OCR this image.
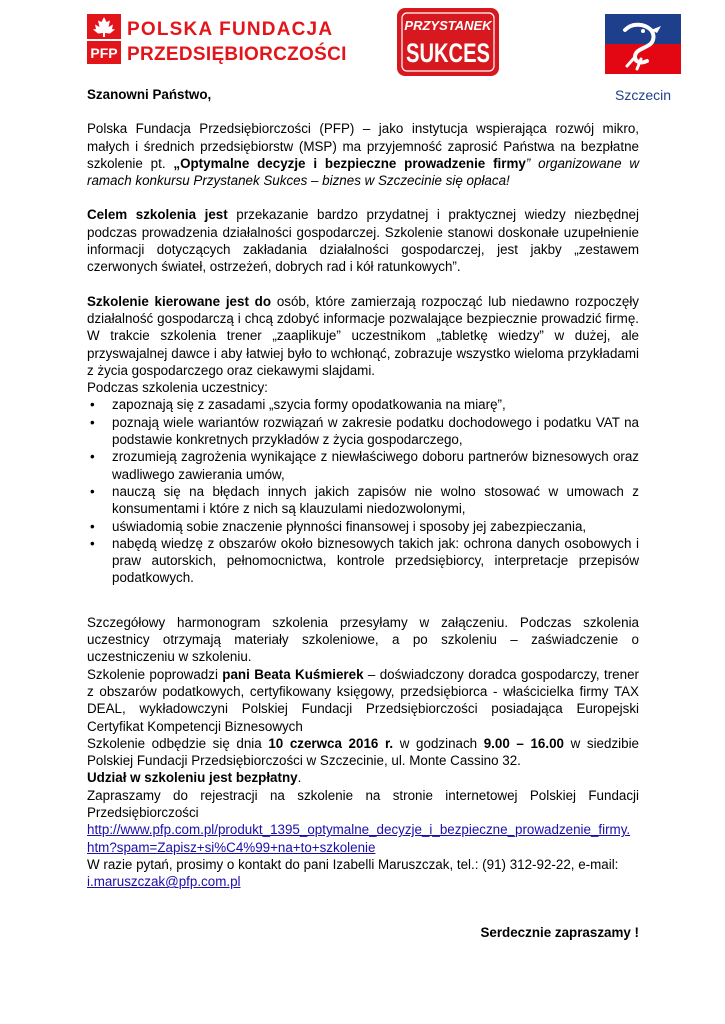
PFP
POLSKA FUNDACJA
PRZEDSIĘBIORCZOŚCI
PRZYSTANEK
SUKCES
Szczecin

Szanowni Państwo,

Polska Fundacja Przedsiębiorczości (PFP) – jako instytucja wspierająca rozwój mikro, małych i średnich przedsiębiorstw (MSP) ma przyjemność zaprosić Państwa na bezpłatne szkolenie pt. „Optymalne decyzje i bezpieczne prowadzenie firmy” organizowane w ramach konkursu Przystanek Sukces – biznes w Szczecinie się opłaca!

Celem szkolenia jest przekazanie bardzo przydatnej i praktycznej wiedzy niezbędnej podczas prowadzenia działalności gospodarczej. Szkolenie stanowi doskonałe uzupełnienie informacji dotyczących zakładania działalności gospodarczej, jest jakby „zestawem czerwonych świateł, ostrzeżeń, dobrych rad i kół ratunkowych”.

Szkolenie kierowane jest do osób, które zamierzają rozpocząć lub niedawno rozpoczęły działalność gospodarczą i chcą zdobyć informacje pozwalające bezpiecznie prowadzić firmę. W trakcie szkolenia trener „zaaplikuje” uczestnikom „tabletkę wiedzy” w dużej, ale przyswajalnej dawce i aby łatwiej było to wchłonąć, zobrazuje wszystko wieloma przykładami z życia gospodarczego oraz ciekawymi slajdami.

Podczas szkolenia uczestnicy:

• zapoznają się z zasadami „szycia formy opodatkowania na miarę”,
• poznają wiele wariantów rozwiązań w zakresie podatku dochodowego i podatku VAT na podstawie konkretnych przykładów z życia gospodarczego,
• zrozumieją zagrożenia wynikające z niewłaściwego doboru partnerów biznesowych oraz wadliwego zawierania umów,
• nauczą się na błędach innych jakich zapisów nie wolno stosować w umowach z konsumentami i które z nich są klauzulami niedozwolonymi,
• uświadomią sobie znaczenie płynności finansowej i sposoby jej zabezpieczania,
• nabędą wiedzę z obszarów około biznesowych takich jak: ochrona danych osobowych i praw autorskich, pełnomocnictwa, kontrole przedsiębiorcy, interpretacje przepisów podatkowych.

Szczegółowy harmonogram szkolenia przesyłamy w załączeniu. Podczas szkolenia uczestnicy otrzymają materiały szkoleniowe, a po szkoleniu – zaświadczenie o uczestniczeniu w szkoleniu.

Szkolenie poprowadzi pani Beata Kuśmierek – doświadczony doradca gospodarczy, trener z obszarów podatkowych, certyfikowany księgowy, przedsiębiorca - właścicielka firmy TAX DEAL, wykładowczyni Polskiej Fundacji Przedsiębiorczości posiadająca Europejski Certyfikat Kompetencji Biznesowych

Szkolenie odbędzie się dnia 10 czerwca 2016 r. w godzinach 9.00 – 16.00 w siedzibie Polskiej Fundacji Przedsiębiorczości w Szczecinie, ul. Monte Cassino 32.

Udział w szkoleniu jest bezpłatny.

Zapraszamy do rejestracji na szkolenie na stronie internetowej Polskiej Fundacji Przedsiębiorczości

http://www.pfp.com.pl/produkt_1395_optymalne_decyzje_i_bezpieczne_prowadzenie_firmy.
htm?spam=Zapisz+si%C4%99+na+to+szkolenie

W razie pytań, prosimy o kontakt do pani Izabelli Maruszczak, tel.: (91) 312-92-22, e-mail:

i.maruszczak@pfp.com.pl

Serdecznie zapraszamy !
